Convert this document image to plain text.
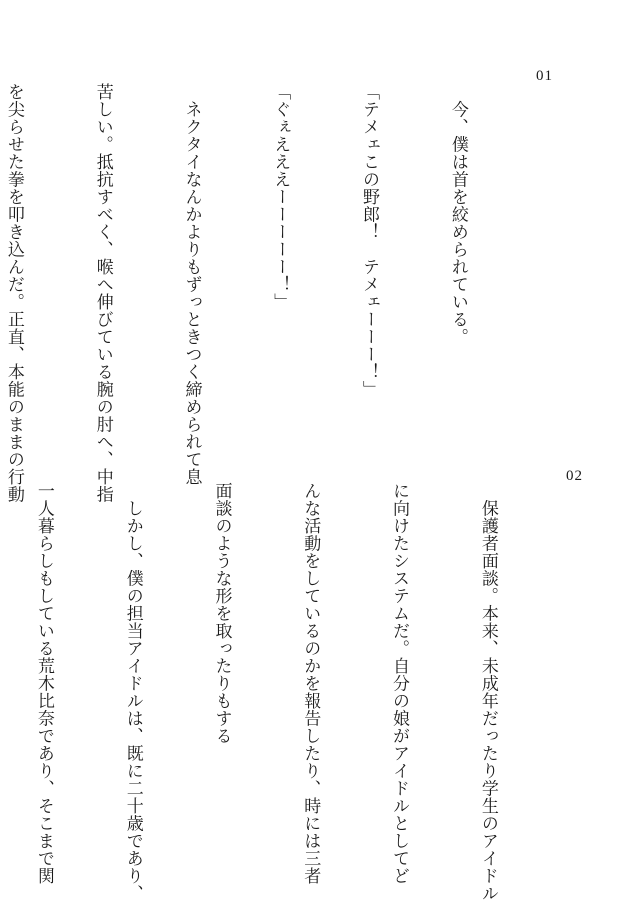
01

　今、僕は首を絞められている。

「テメェこの野郎！　テメェーーー！」

「ぐぇえええーーーーー！」

　ネクタイなんかよりもずっときつく締められて息

苦しい。抵抗すべく、喉へ伸びている腕の肘へ、中指

を尖らせた拳を叩き込んだ。正直、本能のままの行動

	02

　保護者面談。本来、未成年だったり学生のアイドル

に向けたシステムだ。自分の娘がアイドルとしてど

んな活動をしているのかを報告したり、時には三者

面談のような形を取ったりもする

　しかし、僕の担当アイドルは、既に二十歳であり、

一人暮らしもしている荒木比奈であり、そこまで関
